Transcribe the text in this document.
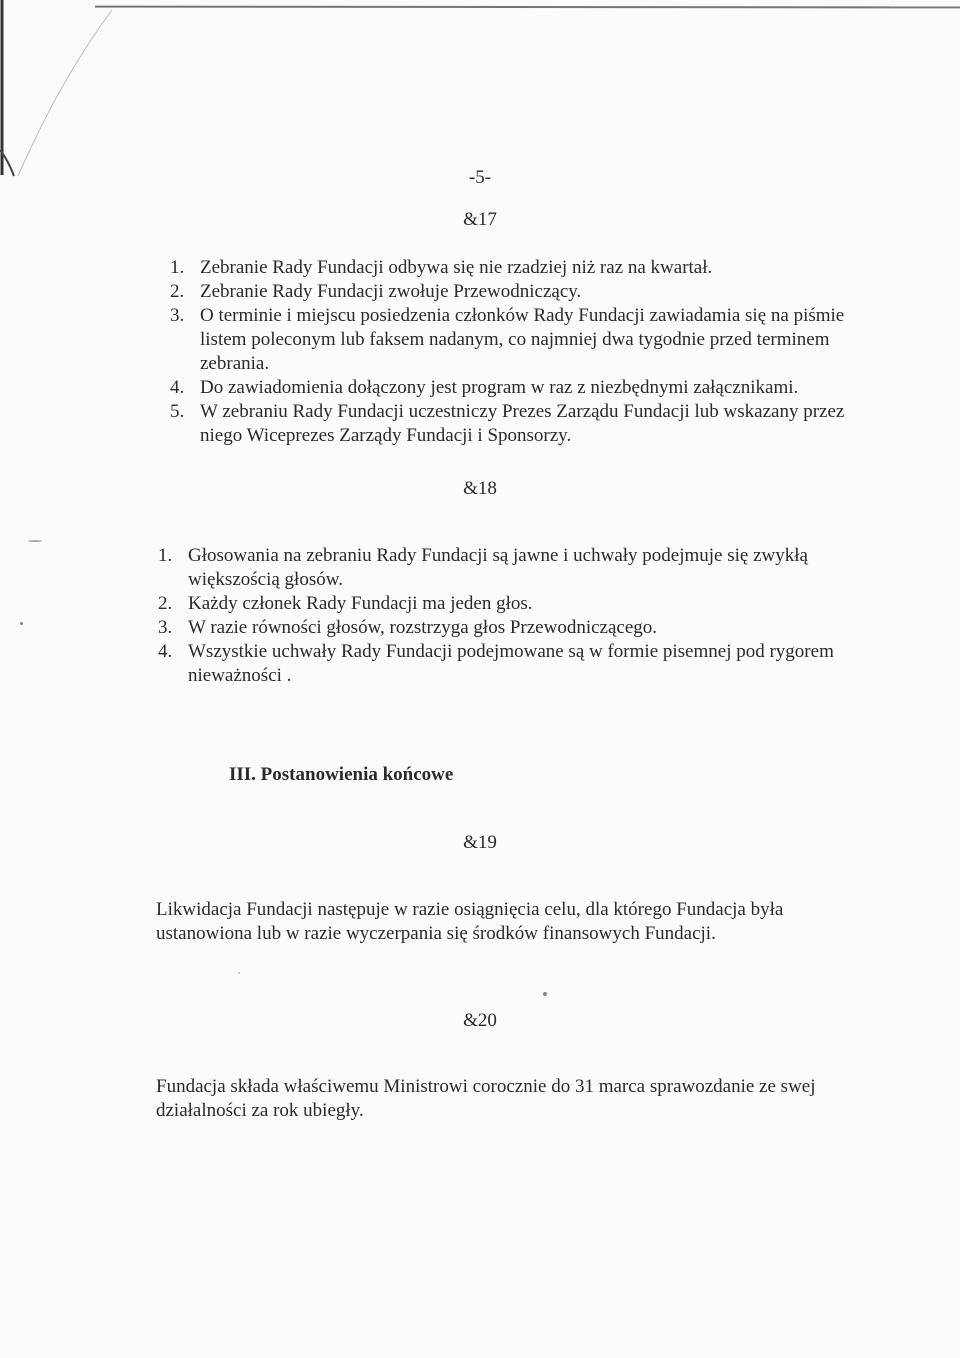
-5-
&17
1. Zebranie Rady Fundacji odbywa się nie rzadziej niż raz na kwartał.
2. Zebranie Rady Fundacji zwołuje Przewodniczący.
3. O terminie i miejscu posiedzenia członków Rady Fundacji zawiadamia się na piśmie listem poleconym lub faksem nadanym, co najmniej dwa tygodnie przed terminem zebrania.
4. Do zawiadomienia dołączony jest program w raz z niezbędnymi załącznikami.
5. W zebraniu Rady Fundacji uczestniczy Prezes Zarządu Fundacji lub wskazany przez niego Wiceprezes Zarządy Fundacji i Sponsorzy.
&18
1. Głosowania na zebraniu Rady Fundacji są jawne i uchwały podejmuje się zwykłą większością głosów.
2. Każdy członek Rady Fundacji ma jeden głos.
3. W razie równości głosów, rozstrzyga głos Przewodniczącego.
4. Wszystkie uchwały Rady Fundacji podejmowane są w formie pisemnej pod rygorem nieważności .
III. Postanowienia końcowe
&19

Likwidacja Fundacji następuje w razie osiągnięcia celu, dla którego Fundacja była ustanowiona lub w razie wyczerpania się środków finansowych Fundacji.

&20

Fundacja składa właściwemu Ministrowi corocznie do 31 marca sprawozdanie ze swej działalności za rok ubiegły.
